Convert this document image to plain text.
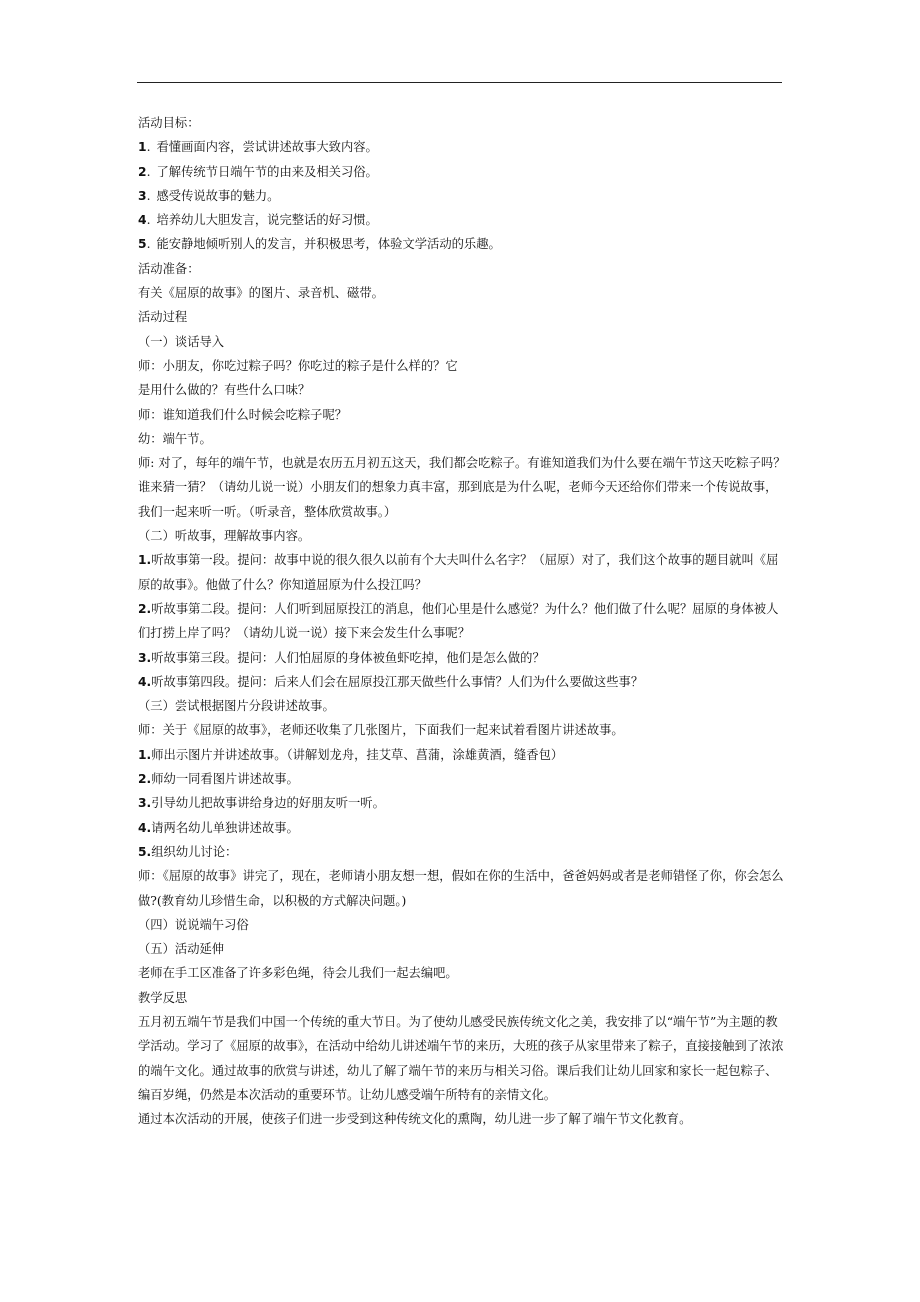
活动目标：
1. 看懂画面内容，尝试讲述故事大致内容。
2. 了解传统节日端午节的由来及相关习俗。
3. 感受传说故事的魅力。
4. 培养幼儿大胆发言，说完整话的好习惯。
5. 能安静地倾听别人的发言，并积极思考，体验文学活动的乐趣。
活动准备：
有关《屈原的故事》的图片、录音机、磁带。
活动过程
（一）谈话导入
师：小朋友，你吃过粽子吗？你吃过的粽子是什么样的？它
是用什么做的？有些什么口味？
师：谁知道我们什么时候会吃粽子呢？
幼：端午节。
师: 对了，每年的端午节，也就是农历五月初五这天，我们都会吃粽子。有谁知道我们为什么要在端午节这天吃粽子吗？谁来猜一猜？（请幼儿说一说）小朋友们的想象力真丰富，那到底是为什么呢，老师今天还给你们带来一个传说故事，我们一起来听一听。（听录音，整体欣赏故事。）
（二）听故事，理解故事内容。
1.听故事第一段。提问：故事中说的很久很久以前有个大夫叫什么名字？（屈原）对了，我们这个故事的题目就叫《屈原的故事》。他做了什么？你知道屈原为什么投江吗？
2.听故事第二段。提问：人们听到屈原投江的消息，他们心里是什么感觉？为什么？他们做了什么呢？屈原的身体被人们打捞上岸了吗？（请幼儿说一说）接下来会发生什么事呢？
3.听故事第三段。提问：人们怕屈原的身体被鱼虾吃掉，他们是怎么做的？
4.听故事第四段。提问：后来人们会在屈原投江那天做些什么事情？人们为什么要做这些事？
（三）尝试根据图片分段讲述故事。
师：关于《屈原的故事》，老师还收集了几张图片，下面我们一起来试着看图片讲述故事。
1.师出示图片并讲述故事。（讲解划龙舟，挂艾草、菖蒲，涂雄黄酒，缝香包）
2.师幼一同看图片讲述故事。
3.引导幼儿把故事讲给身边的好朋友听一听。
4.请两名幼儿单独讲述故事。
5.组织幼儿讨论：
师：《屈原的故事》讲完了，现在，老师请小朋友想一想，假如在你的生活中，爸爸妈妈或者是老师错怪了你，你会怎么做?(教育幼儿珍惜生命，以积极的方式解决问题。)
（四）说说端午习俗
（五）活动延伸
老师在手工区准备了许多彩色绳，待会儿我们一起去编吧。
教学反思
五月初五端午节是我们中国一个传统的重大节日。为了使幼儿感受民族传统文化之美，我安排了以“端午节”为主题的教学活动。学习了《屈原的故事》，在活动中给幼儿讲述端午节的来历，大班的孩子从家里带来了粽子，直接接触到了浓浓的端午文化。通过故事的欣赏与讲述，幼儿了解了端午节的来历与相关习俗。课后我们让幼儿回家和家长一起包粽子、编百岁绳，仍然是本次活动的重要环节。让幼儿感受端午所特有的亲情文化。
通过本次活动的开展，使孩子们进一步受到这种传统文化的熏陶，幼儿进一步了解了端午节文化教育。
